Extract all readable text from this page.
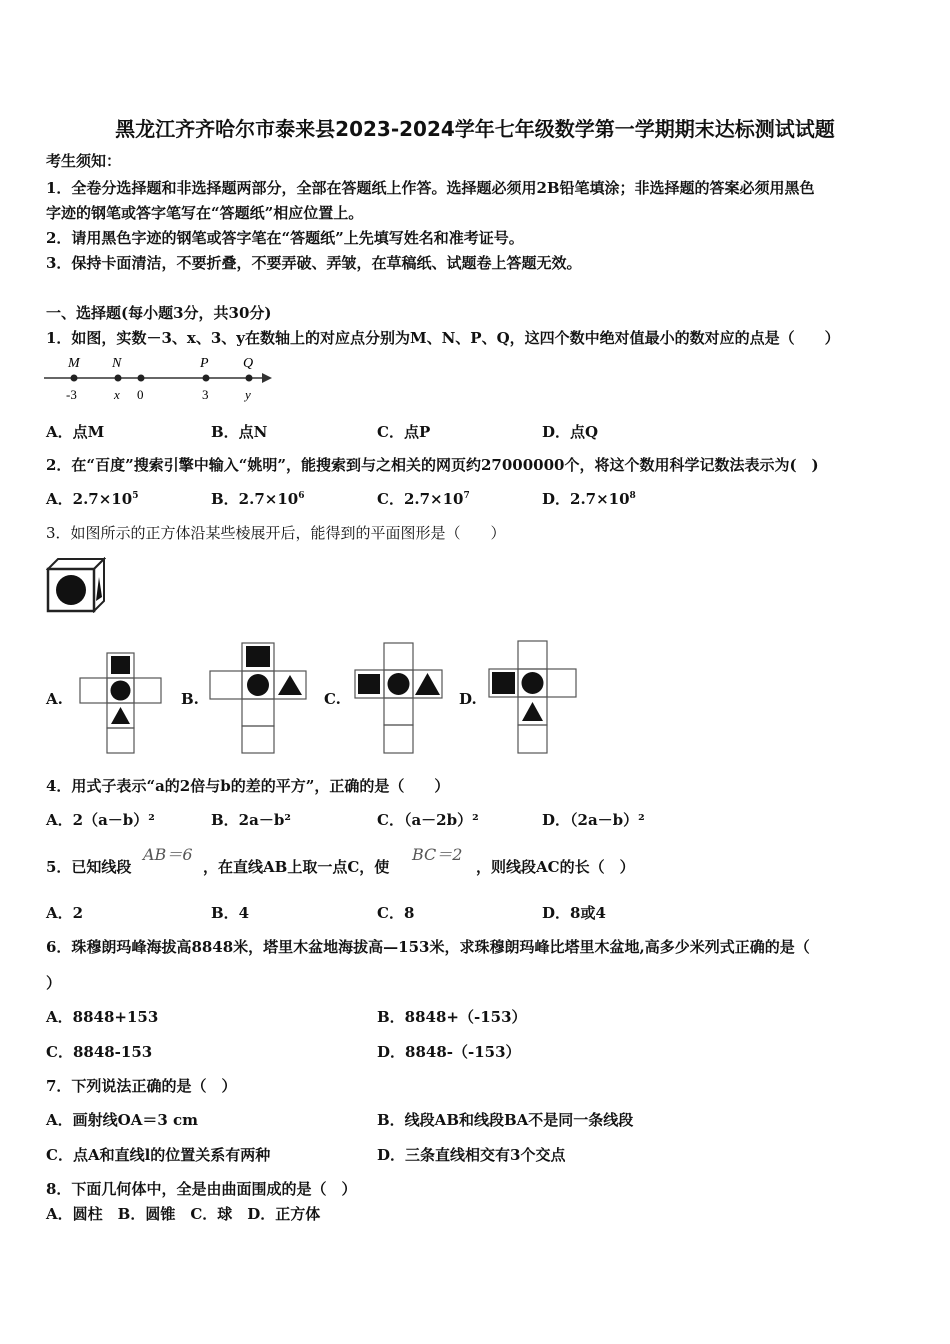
黑龙江齐齐哈尔市泰来县2023-2024学年七年级数学第一学期期末达标测试试题
考生须知：
1．全卷分选择题和非选择题两部分，全部在答题纸上作答。选择题必须用2B铅笔填涂；非选择题的答案必须用黑色
字迹的钢笔或答字笔写在“答题纸”相应位置上。
2．请用黑色字迹的钢笔或答字笔在“答题纸”上先填写姓名和准考证号。
3．保持卡面清洁，不要折叠，不要弄破、弄皱，在草稿纸、试题卷上答题无效。
一、选择题(每小题3分，共30分)
1．如图，实数－3、x、3、y在数轴上的对应点分别为M、N、P、Q，这四个数中绝对值最小的数对应的点是（　　）
M N	P Q
-3	x 0	3	y
A．点M	B．点N	C．点P	D．点Q
2．在“百度”搜索引擎中输入“姚明”，能搜索到与之相关的网页约27000000个，将这个数用科学记数法表示为(　)
A．$2.7\times 10^5$	B．$2.7\times 10^6$	C．$2.7\times 10^7$	D．$2.7\times 10^8$
3．如图所示的正方体沿某些棱展开后，能得到的平面图形是（　　）
A.	B.	C.	D.
4．用式子表示“a的2倍与b的差的平方”，正确的是（　　）
A．2（a－b）²	B．2a－b²	C．（a－2b）²	D．（2a－b）²
5．已知线段
AB＝6
，在直线AB上取一点C，使
BC＝2
，则线段AC的长（　）
A．2	B．4	C．8	D．8或4
6．珠穆朗玛峰海拔高8848米，塔里木盆地海拔高—153米，求珠穆朗玛峰比塔里木盆地,高多少米列式正确的是（
）
A．8848+153	B．8848+（-153）
C．8848-153	D．8848-（-153）
7．下列说法正确的是（　）
A．画射线OA＝3 cm	B．线段AB和线段BA不是同一条线段
C．点A和直线l的位置关系有两种	D．三条直线相交有3个交点
8．下面几何体中，全是由曲面围成的是（　）
A．圆柱　B．圆锥　C．球　D．正方体
